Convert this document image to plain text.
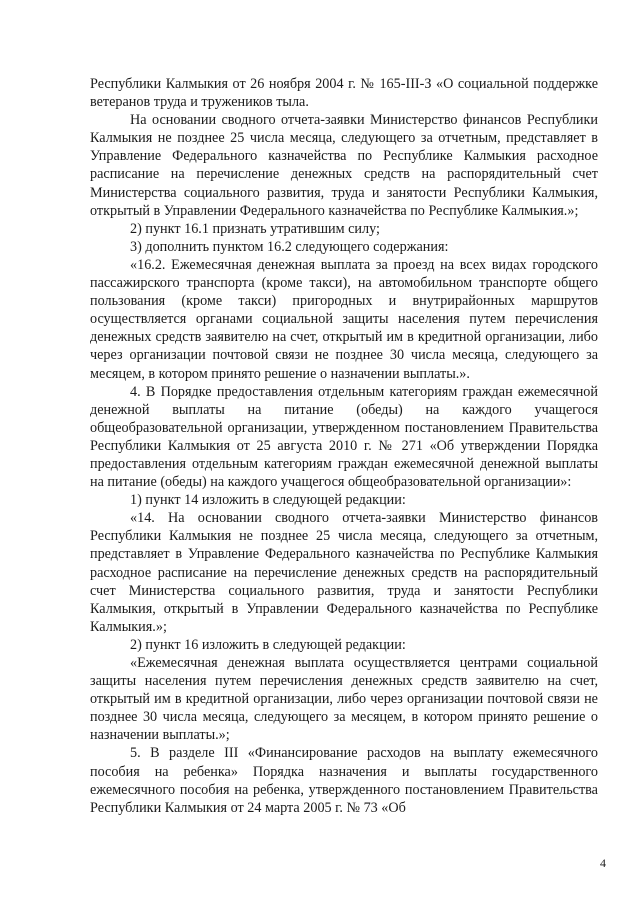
Республики Калмыкия от 26 ноября 2004 г. № 165-III-З «О социальной поддержке ветеранов труда и тружеников тыла.

На основании сводного отчета-заявки Министерство финансов Республики Калмыкия не позднее 25 числа месяца, следующего за отчетным, представляет в Управление Федерального казначейства по Республике Калмыкия расходное расписание на перечисление денежных средств на распорядительный счет Министерства социального развития, труда и занятости Республики Калмыкия, открытый в Управлении Федерального казначейства по Республике Калмыкия.»;

2) пункт 16.1 признать утратившим силу;

3) дополнить пунктом 16.2 следующего содержания:

«16.2. Ежемесячная денежная выплата за проезд на всех видах городского пассажирского транспорта (кроме такси), на автомобильном транспорте общего пользования (кроме такси) пригородных и внутрирайонных маршрутов осуществляется органами социальной защиты населения путем перечисления денежных средств заявителю на счет, открытый им в кредитной организации, либо через организации почтовой связи не позднее 30 числа месяца, следующего за месяцем, в котором принято решение о назначении выплаты.».

4. В Порядке предоставления отдельным категориям граждан ежемесячной денежной выплаты на питание (обеды) на каждого учащегося общеобразовательной организации, утвержденном постановлением Правительства Республики Калмыкия от 25 августа 2010 г. № 271 «Об утверждении Порядка предоставления отдельным категориям граждан ежемесячной денежной выплаты на питание (обеды) на каждого учащегося общеобразовательной организации»:

1) пункт 14 изложить в следующей редакции:

«14. На основании сводного отчета-заявки Министерство финансов Республики Калмыкия не позднее 25 числа месяца, следующего за отчетным, представляет в Управление Федерального казначейства по Республике Калмыкия расходное расписание на перечисление денежных средств на распорядительный счет Министерства социального развития, труда и занятости Республики Калмыкия, открытый в Управлении Федерального казначейства по Республике Калмыкия.»;

2) пункт 16 изложить в следующей редакции:

«Ежемесячная денежная выплата осуществляется центрами социальной защиты населения путем перечисления денежных средств заявителю на счет, открытый им в кредитной организации, либо через организации почтовой связи не позднее 30 числа месяца, следующего за месяцем, в котором принято решение о назначении выплаты.»;

5. В разделе III «Финансирование расходов на выплату ежемесячного пособия на ребенка» Порядка назначения и выплаты государственного ежемесячного пособия на ребенка, утвержденного постановлением Правительства Республики Калмыкия от 24 марта 2005 г. № 73 «Об

4
